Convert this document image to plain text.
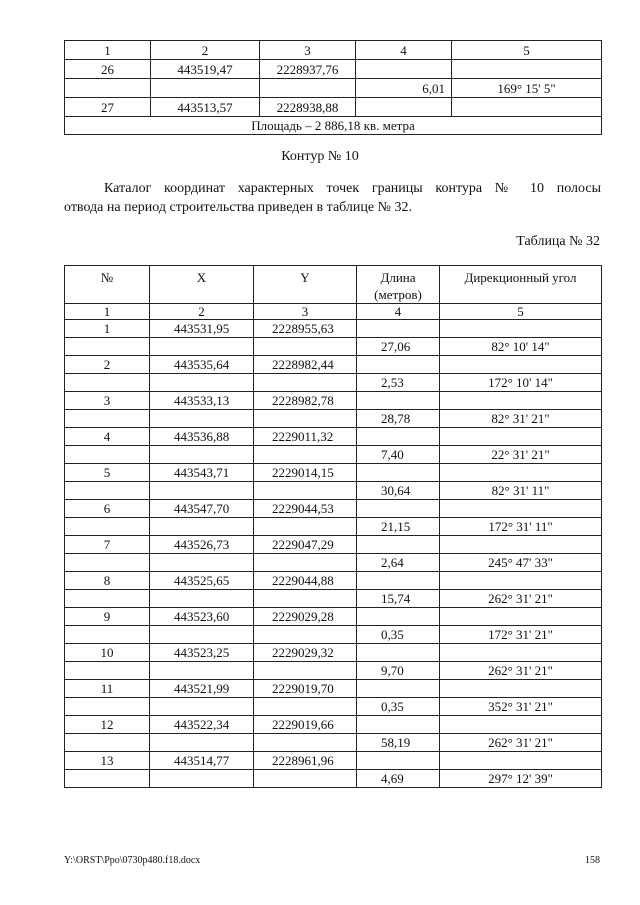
1	2	3	4	5
26	443519,47	2228937,76		
			6,01	169° 15' 5"
27	443513,57	2228938,88		
Площадь – 2 886,18 кв. метра				
Контур № 10
Каталог координат характерных точек границы контура № 10 полосы
отвода на период строительства приведен в таблице № 32.
Таблица № 32
№	X	Y	Длина (метров)	Дирекционный угол
1	2	3	4	5
1	443531,95	2228955,63		
			27,06	82° 10' 14"
2	443535,64	2228982,44		
			2,53	172° 10' 14"
3	443533,13	2228982,78		
			28,78	82° 31' 21"
4	443536,88	2229011,32		
			7,40	22° 31' 21"
5	443543,71	2229014,15		
			30,64	82° 31' 11"
6	443547,70	2229044,53		
			21,15	172° 31' 11"
7	443526,73	2229047,29		
			2,64	245° 47' 33"
8	443525,65	2229044,88		
			15,74	262° 31' 21"
9	443523,60	2229029,28		
			0,35	172° 31' 21"
10	443523,25	2229029,32		
			9,70	262° 31' 21"
11	443521,99	2229019,70		
			0,35	352° 31' 21"
12	443522,34	2229019,66		
			58,19	262° 31' 21"
13	443514,77	2228961,96		
			4,69	297° 12' 39"
Y:\ORST\Ppo\0730p480.f18.docx	158
